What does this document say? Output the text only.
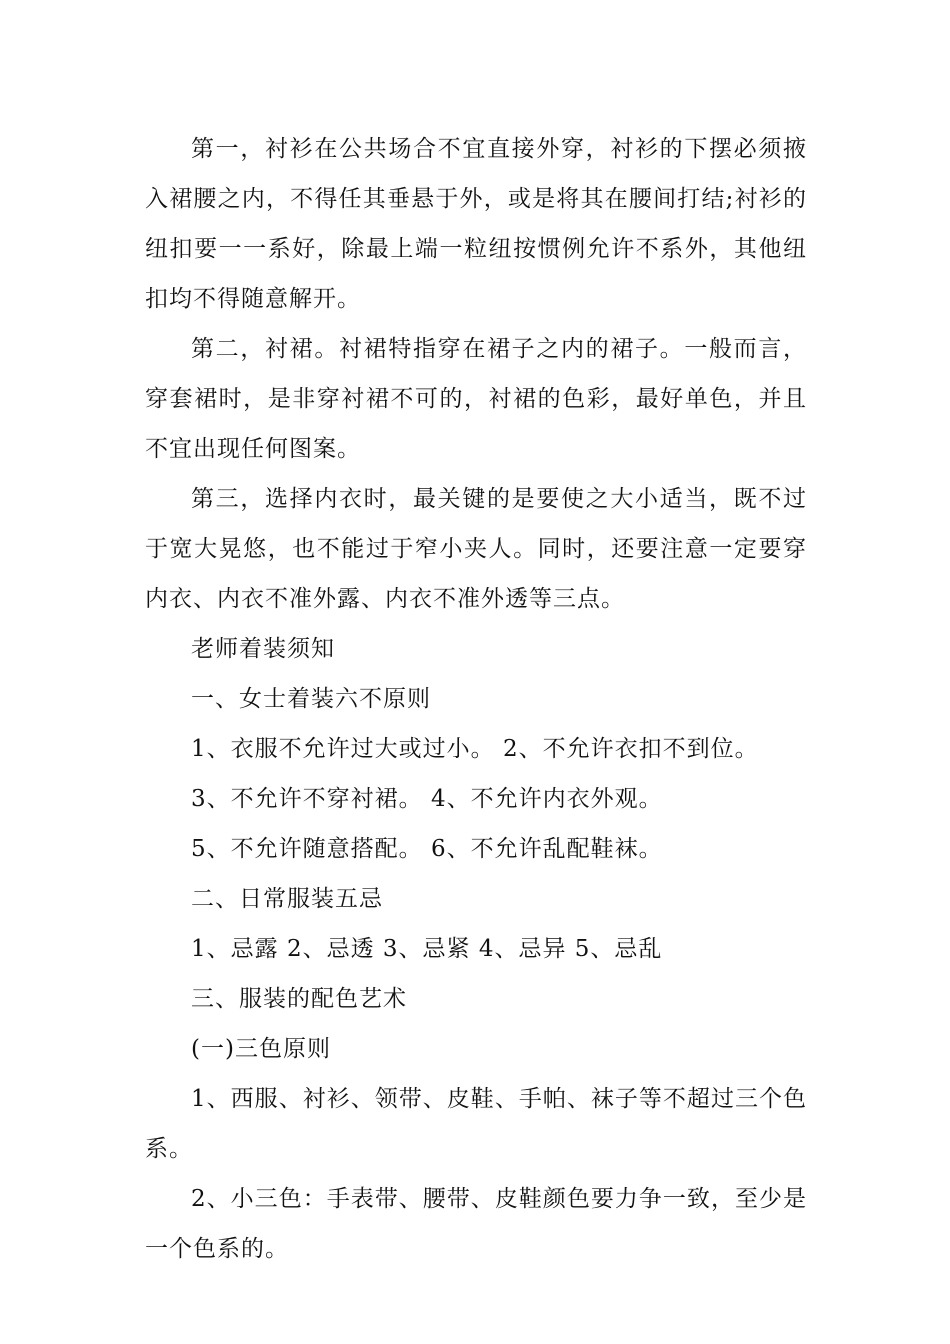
第一，衬衫在公共场合不宜直接外穿，衬衫的下摆必须掖入裙腰之内，不得任其垂悬于外，或是将其在腰间打结;衬衫的纽扣要一一系好，除最上端一粒纽按惯例允许不系外，其他纽扣均不得随意解开。

第二，衬裙。衬裙特指穿在裙子之内的裙子。一般而言，穿套裙时，是非穿衬裙不可的，衬裙的色彩，最好单色，并且不宜出现任何图案。

第三，选择内衣时，最关键的是要使之大小适当，既不过于宽大晃悠，也不能过于窄小夹人。同时，还要注意一定要穿内衣、内衣不准外露、内衣不准外透等三点。

老师着装须知

一、女士着装六不原则

1、衣服不允许过大或过小。 2、不允许衣扣不到位。

3、不允许不穿衬裙。 4、不允许内衣外观。

5、不允许随意搭配。 6、不允许乱配鞋袜。

二、日常服装五忌

1、忌露 2、忌透 3、忌紧 4、忌异 5、忌乱

三、服装的配色艺术

(一)三色原则

1、西服、衬衫、领带、皮鞋、手帕、袜子等不超过三个色系。

2、小三色：手表带、腰带、皮鞋颜色要力争一致，至少是一个色系的。
